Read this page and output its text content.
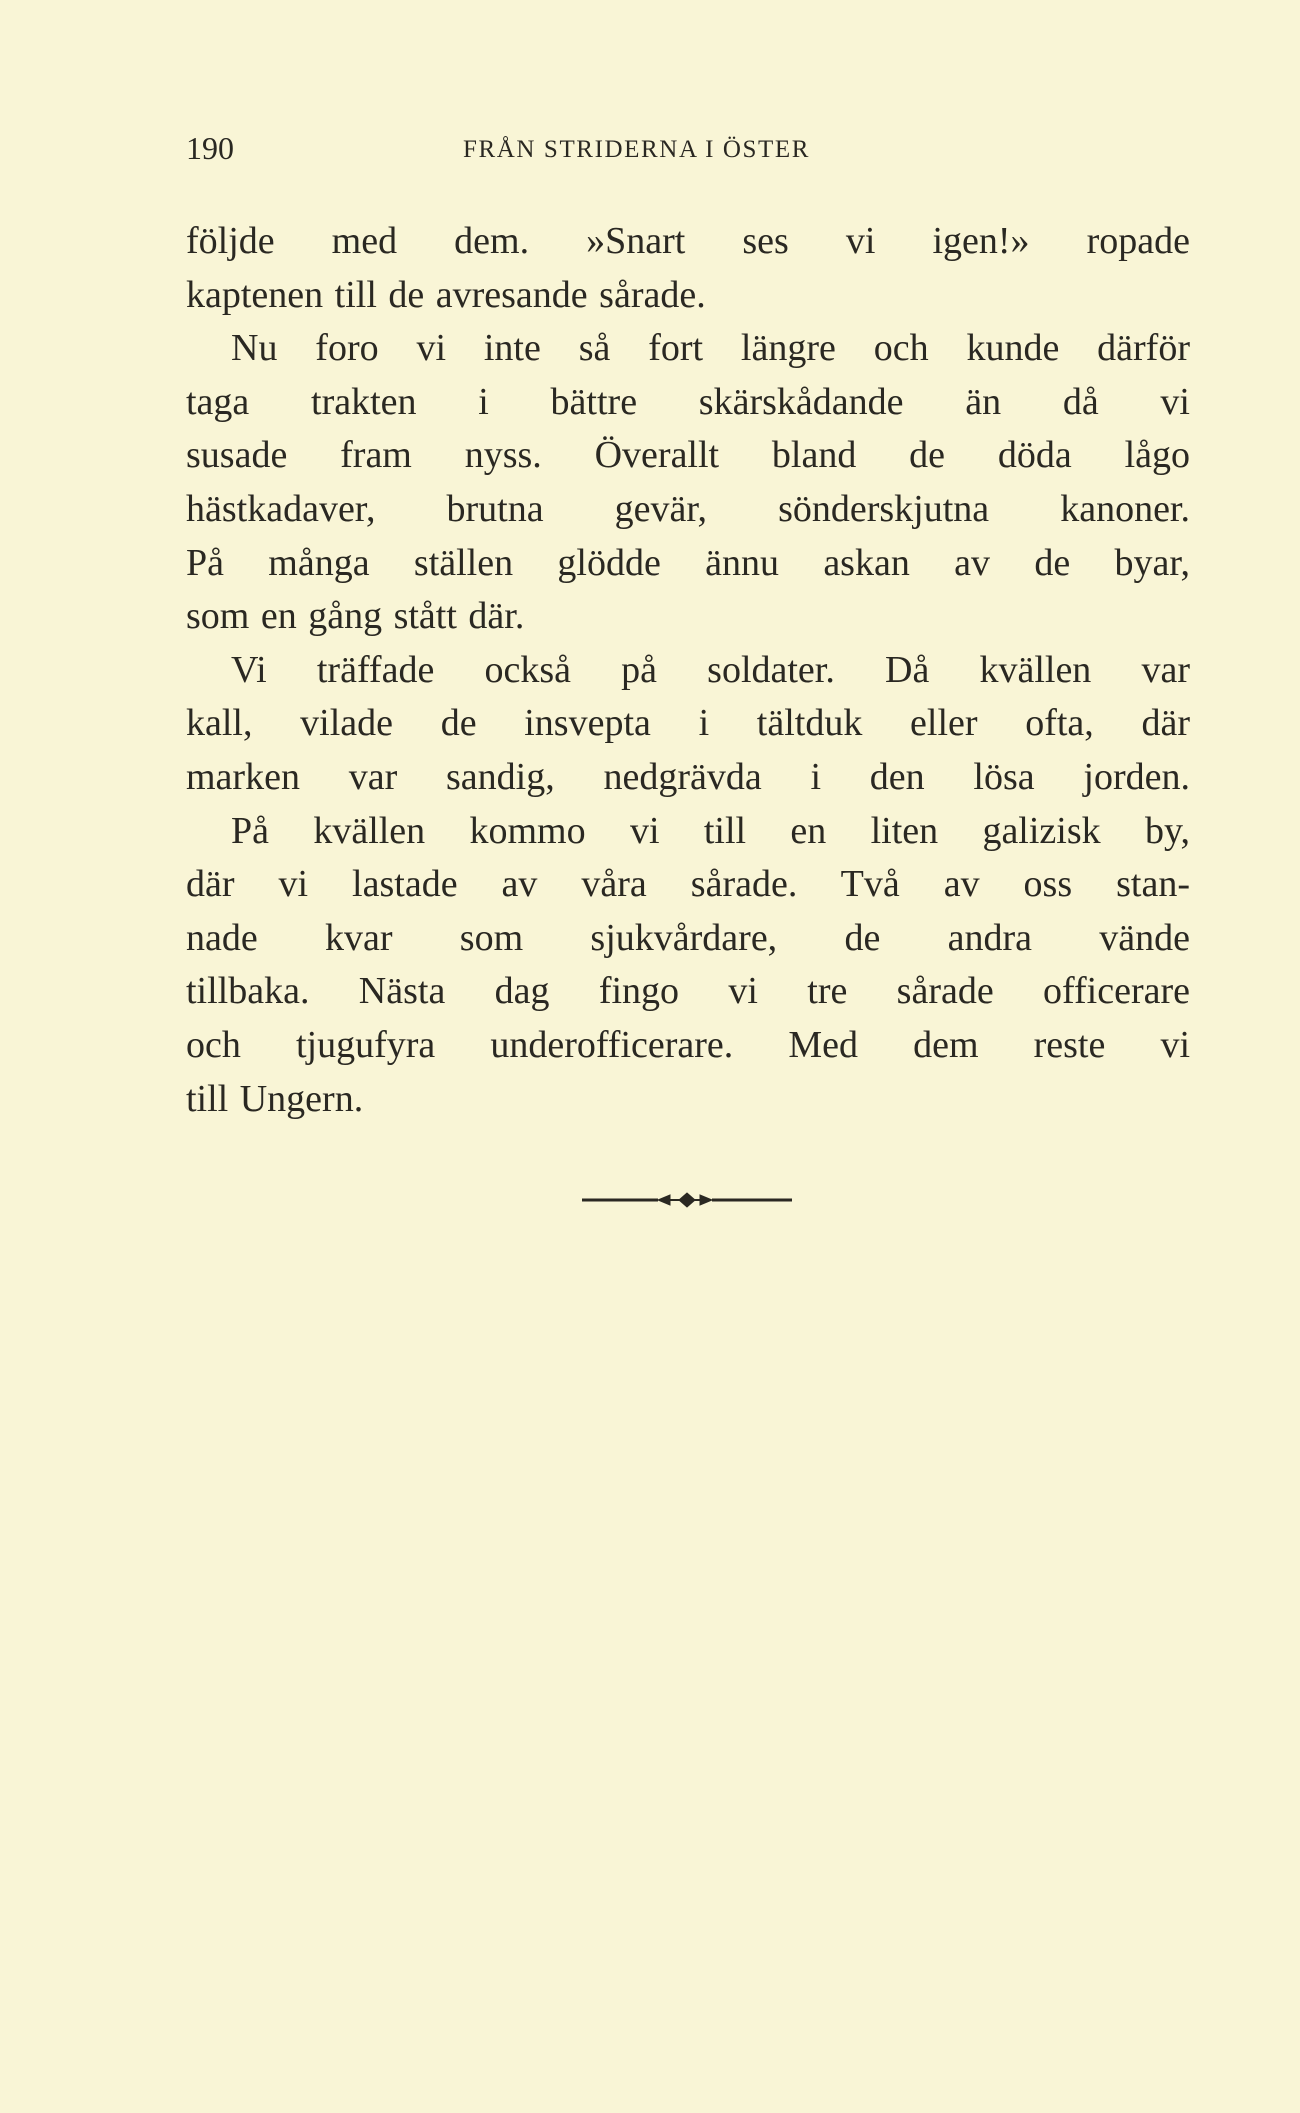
190	FRÅN STRIDERNA I ÖSTER
följde med dem. »Snart ses vi igen!» ropade
kaptenen till de avresande sårade.
Nu foro vi inte så fort längre och kunde därför
taga trakten i bättre skärskådande än då vi
susade fram nyss. Överallt bland de döda lågo
hästkadaver, brutna gevär, sönderskjutna kanoner.
På många ställen glödde ännu askan av de byar,
som en gång stått där.
Vi träffade också på soldater. Då kvällen var
kall, vilade de insvepta i tältduk eller ofta, där
marken var sandig, nedgrävda i den lösa jorden.
På kvällen kommo vi till en liten galizisk by,
där vi lastade av våra sårade. Två av oss stan-
nade kvar som sjukvårdare, de andra vände
tillbaka. Nästa dag fingo vi tre sårade officerare
och tjugufyra underofficerare. Med dem reste vi
till Ungern.
